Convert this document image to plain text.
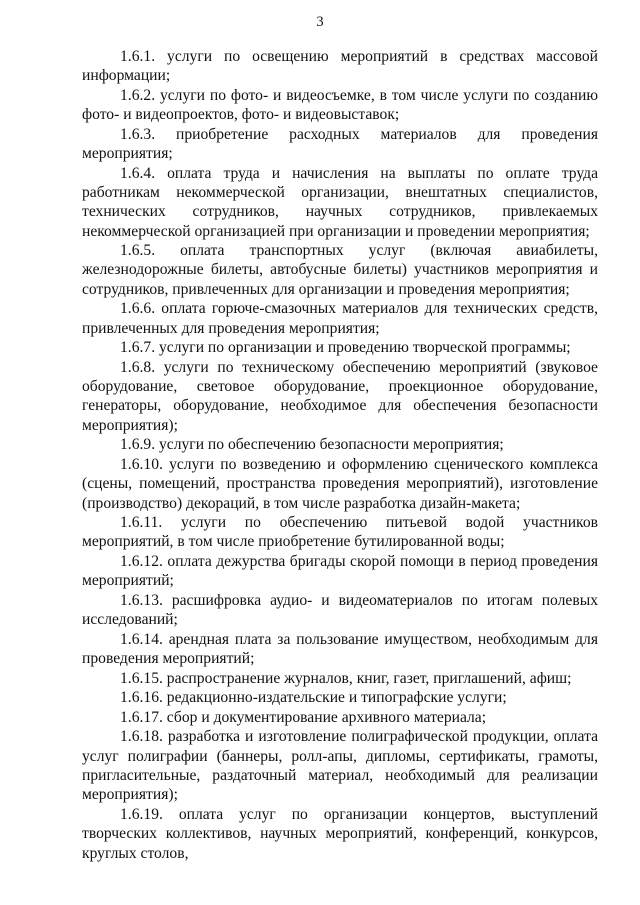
3

1.6.1. услуги по освещению мероприятий в средствах массовой информации;

1.6.2. услуги по фото- и видеосъемке, в том числе услуги по созданию фото- и видеопроектов, фото- и видеовыставок;

1.6.3. приобретение расходных материалов для проведения мероприятия;

1.6.4. оплата труда и начисления на выплаты по оплате труда работникам некоммерческой организации, внештатных специалистов, технических сотрудников, научных сотрудников, привлекаемых некоммерческой организацией при организации и проведении мероприятия;

1.6.5. оплата транспортных услуг (включая авиабилеты, железнодорожные билеты, автобусные билеты) участников мероприятия и сотрудников, привлеченных для организации и проведения мероприятия;

1.6.6. оплата горюче-смазочных материалов для технических средств, привлеченных для проведения мероприятия;

1.6.7. услуги по организации и проведению творческой программы;

1.6.8. услуги по техническому обеспечению мероприятий (звуковое оборудование, световое оборудование, проекционное оборудование, генераторы, оборудование, необходимое для обеспечения безопасности мероприятия);

1.6.9. услуги по обеспечению безопасности мероприятия;

1.6.10. услуги по возведению и оформлению сценического комплекса (сцены, помещений, пространства проведения мероприятий), изготовление (производство) декораций, в том числе разработка дизайн-макета;

1.6.11. услуги по обеспечению питьевой водой участников мероприятий, в том числе приобретение бутилированной воды;

1.6.12. оплата дежурства бригады скорой помощи в период проведения мероприятий;

1.6.13. расшифровка аудио- и видеоматериалов по итогам полевых исследований;

1.6.14. арендная плата за пользование имуществом, необходимым для проведения мероприятий;

1.6.15. распространение журналов, книг, газет, приглашений, афиш;

1.6.16. редакционно-издательские и типографские услуги;

1.6.17. сбор и документирование архивного материала;

1.6.18. разработка и изготовление полиграфической продукции, оплата услуг полиграфии (баннеры, ролл-апы, дипломы, сертификаты, грамоты, пригласительные, раздаточный материал, необходимый для реализации мероприятия);

1.6.19. оплата услуг по организации концертов, выступлений творческих коллективов, научных мероприятий, конференций, конкурсов, круглых столов,
